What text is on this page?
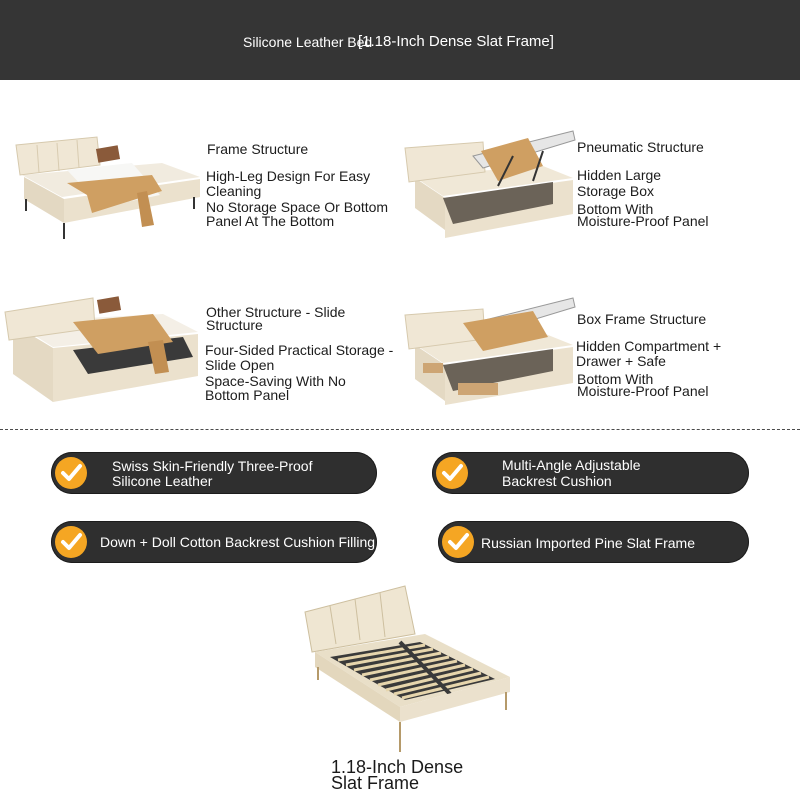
Silicone Leather Bed
[1.18-Inch Dense Slat Frame]
Frame Structure
High-Leg Design For Easy
Cleaning
No Storage Space Or Bottom
Panel At The Bottom
Pneumatic Structure
Hidden Large
Storage Box
Bottom With
Moisture-Proof Panel
Other Structure - Slide
Structure
Four-Sided Practical Storage -
Slide Open
Space-Saving With No
Bottom Panel
Box Frame Structure
Hidden Compartment +
Drawer + Safe
Bottom With
Moisture-Proof Panel
Swiss Skin-Friendly Three-Proof
Silicone Leather
Multi-Angle Adjustable
Backrest Cushion
Down + Doll Cotton Backrest Cushion Filling	Russian Imported Pine Slat Frame
1.18-Inch Dense
Slat Frame
